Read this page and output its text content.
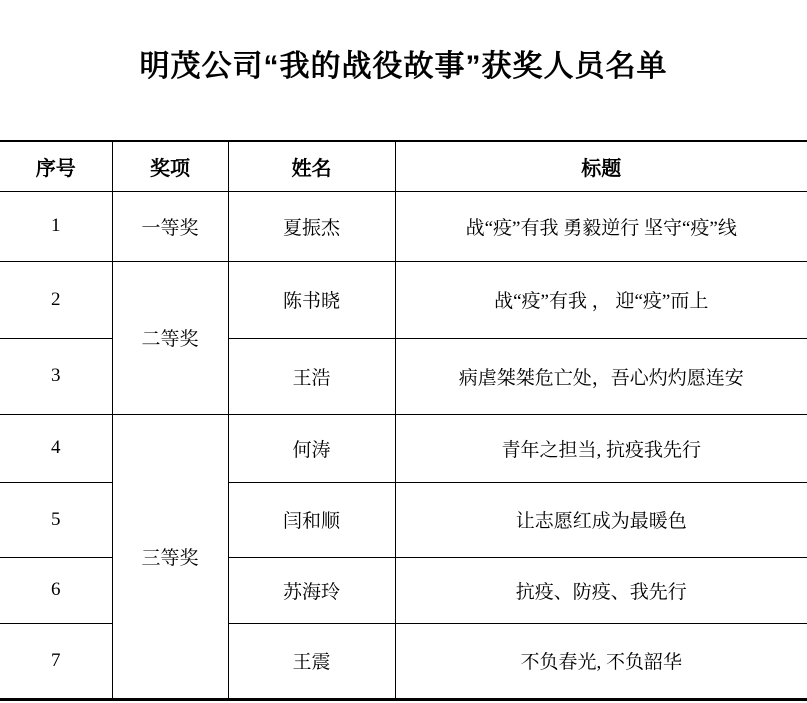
明茂公司“我的战役故事”获奖人员名单
序号	奖项	姓名	标题
1	一等奖	夏振杰	战“疫”有我 勇毅逆行 坚守“疫”线
2	二等奖	陈书晓	战“疫”有我 ， 迎“疫”而上
3		王浩	病虐桀桀危亡处，吾心灼灼愿连安
4	三等奖	何涛	青年之担当, 抗疫我先行
5		闫和顺	让志愿红成为最暖色
6		苏海玲	抗疫、防疫、我先行
7		王震	不负春光, 不负韶华
